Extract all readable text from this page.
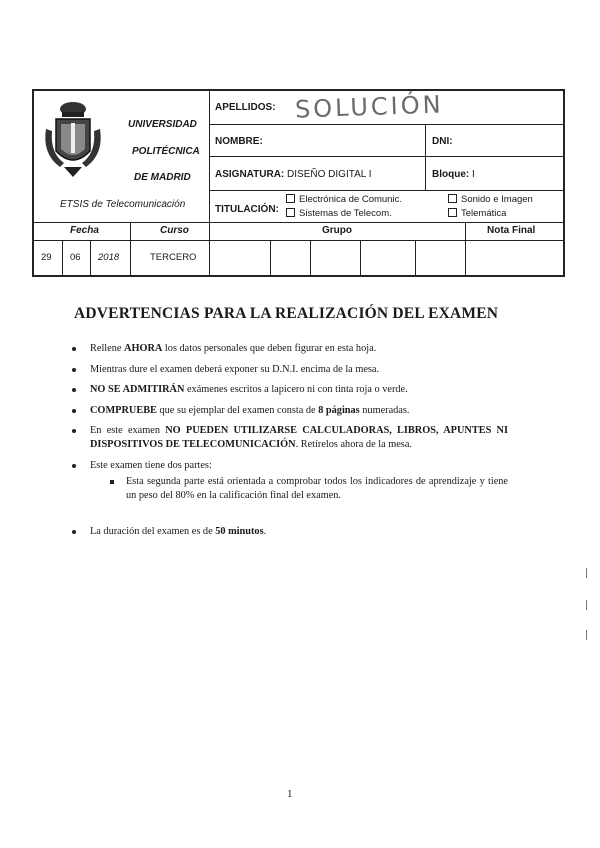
UNIVERSIDAD
POLITÉCNICA
DE MADRID
ETSIS de Telecomunicación
APELLIDOS:
NOMBRE:	DNI:
ASIGNATURA: DISEÑO DIGITAL I	Bloque: I
TITULACIÓN:
Electrónica de Comunic.
Sistemas de Telecom.
Sonido e Imagen
Telemática
Fecha	Curso	Grupo	Nota Final
29 06 2018	TERCERO
SOLUCIÓN
ADVERTENCIAS PARA LA REALIZACIÓN DEL EXAMEN
Rellene AHORA los datos personales que deben figurar en esta hoja.
Mientras dure el examen deberá exponer su D.N.I. encima de la mesa.
NO SE ADMITIRÁN exámenes escritos a lapicero ni con tinta roja o verde.
COMPRUEBE que su ejemplar del examen consta de 8 páginas numeradas.
En este examen NO PUEDEN UTILIZARSE CALCULADORAS, LIBROS, APUNTES NI DISPOSITIVOS DE TELECOMUNICACIÓN. Retírelos ahora de la mesa.
Este examen tiene dos partes:
Esta segunda parte está orientada a comprobar todos los indicadores de aprendizaje y tiene un peso del 80% en la calificación final del examen.
La duración del examen es de 50 minutos.
1
